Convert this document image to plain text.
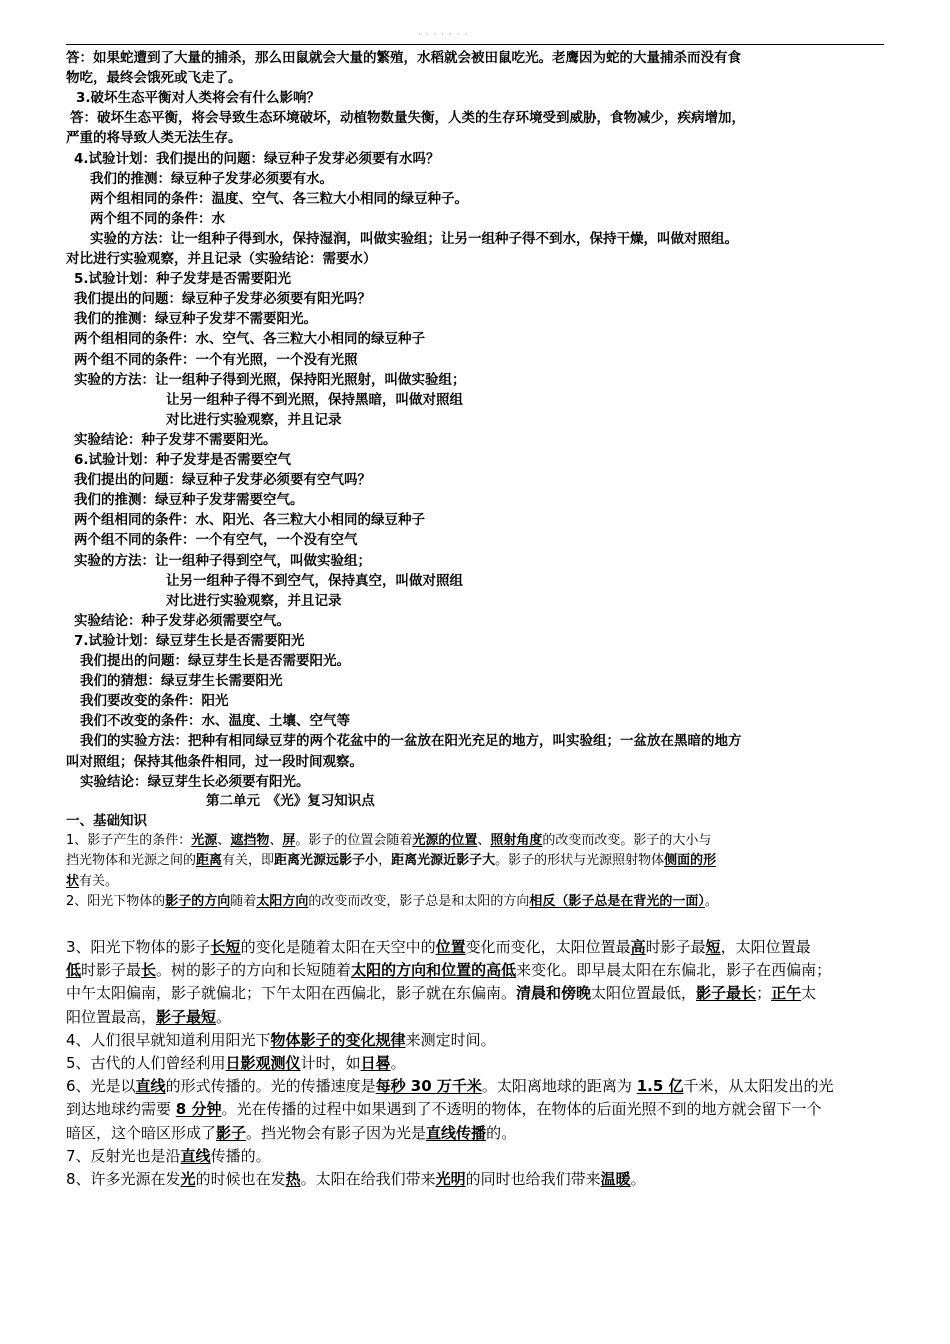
· · · · · · ·
答：如果蛇遭到了大量的捕杀，那么田鼠就会大量的繁殖，水稻就会被田鼠吃光。老鹰因为蛇的大量捕杀而没有食
物吃，最终会饿死或飞走了。
3.破坏生态平衡对人类将会有什么影响？
答：破坏生态平衡，将会导致生态环境破坏，动植物数量失衡，人类的生存环境受到威胁，食物减少，疾病增加，
严重的将导致人类无法生存。
4.试验计划：我们提出的问题：绿豆种子发芽必须要有水吗？
我们的推测：绿豆种子发芽必须要有水。
两个组相同的条件：温度、空气、各三粒大小相同的绿豆种子。
两个组不同的条件：水
实验的方法：让一组种子得到水，保持湿润，叫做实验组；让另一组种子得不到水，保持干燥，叫做对照组。
对比进行实验观察，并且记录（实验结论：需要水）
5.试验计划：种子发芽是否需要阳光
我们提出的问题：绿豆种子发芽必须要有阳光吗？
我们的推测：绿豆种子发芽不需要阳光。
两个组相同的条件：水、空气、各三粒大小相同的绿豆种子
两个组不同的条件：一个有光照，一个没有光照
实验的方法：让一组种子得到光照，保持阳光照射，叫做实验组；
让另一组种子得不到光照，保持黑暗，叫做对照组
对比进行实验观察，并且记录
实验结论：种子发芽不需要阳光。
6.试验计划：种子发芽是否需要空气
我们提出的问题：绿豆种子发芽必须要有空气吗？
我们的推测：绿豆种子发芽需要空气。
两个组相同的条件：水、阳光、各三粒大小相同的绿豆种子
两个组不同的条件：一个有空气，一个没有空气
实验的方法：让一组种子得到空气，叫做实验组；
让另一组种子得不到空气，保持真空，叫做对照组
对比进行实验观察，并且记录
实验结论：种子发芽必须需要空气。
7.试验计划：绿豆芽生长是否需要阳光
我们提出的问题：绿豆芽生长是否需要阳光。
我们的猜想：绿豆芽生长需要阳光
我们要改变的条件：阳光
我们不改变的条件：水、温度、土壤、空气等
我们的实验方法：把种有相同绿豆芽的两个花盆中的一盆放在阳光充足的地方，叫实验组；一盆放在黑暗的地方
叫对照组；保持其他条件相同，过一段时间观察。
实验结论：绿豆芽生长必须要有阳光。
第二单元　《光》复习知识点
一、基础知识
1、影子产生的条件：光源、遮挡物、屏。影子的位置会随着光源的位置、照射角度的改变而改变。影子的大小与
挡光物体和光源之间的距离有关，即距离光源远影子小，距离光源近影子大。影子的形状与光源照射物体侧面的形
状有关。
2、阳光下物体的影子的方向随着太阳方向的改变而改变，影子总是和太阳的方向相反（影子总是在背光的一面）。
3、阳光下物体的影子长短的变化是随着太阳在天空中的位置变化而变化，太阳位置最高时影子最短，太阳位置最
低时影子最长。树的影子的方向和长短随着太阳的方向和位置的高低来变化。即早晨太阳在东偏北，影子在西偏南；
中午太阳偏南，影子就偏北；下午太阳在西偏北，影子就在东偏南。清晨和傍晚太阳位置最低，影子最长；正午太
阳位置最高，影子最短。
4、人们很早就知道利用阳光下物体影子的变化规律来测定时间。
5、古代的人们曾经利用日影观测仪计时，如日晷。
6、光是以直线的形式传播的。光的传播速度是每秒 30 万千米。太阳离地球的距离为 1.5 亿千米，从太阳发出的光
到达地球约需要 8 分钟。光在传播的过程中如果遇到了不透明的物体，在物体的后面光照不到的地方就会留下一个
暗区，这个暗区形成了影子。挡光物会有影子因为光是直线传播的。
7、反射光也是沿直线传播的。
8、许多光源在发光的时候也在发热。太阳在给我们带来光明的同时也给我们带来温暖。
